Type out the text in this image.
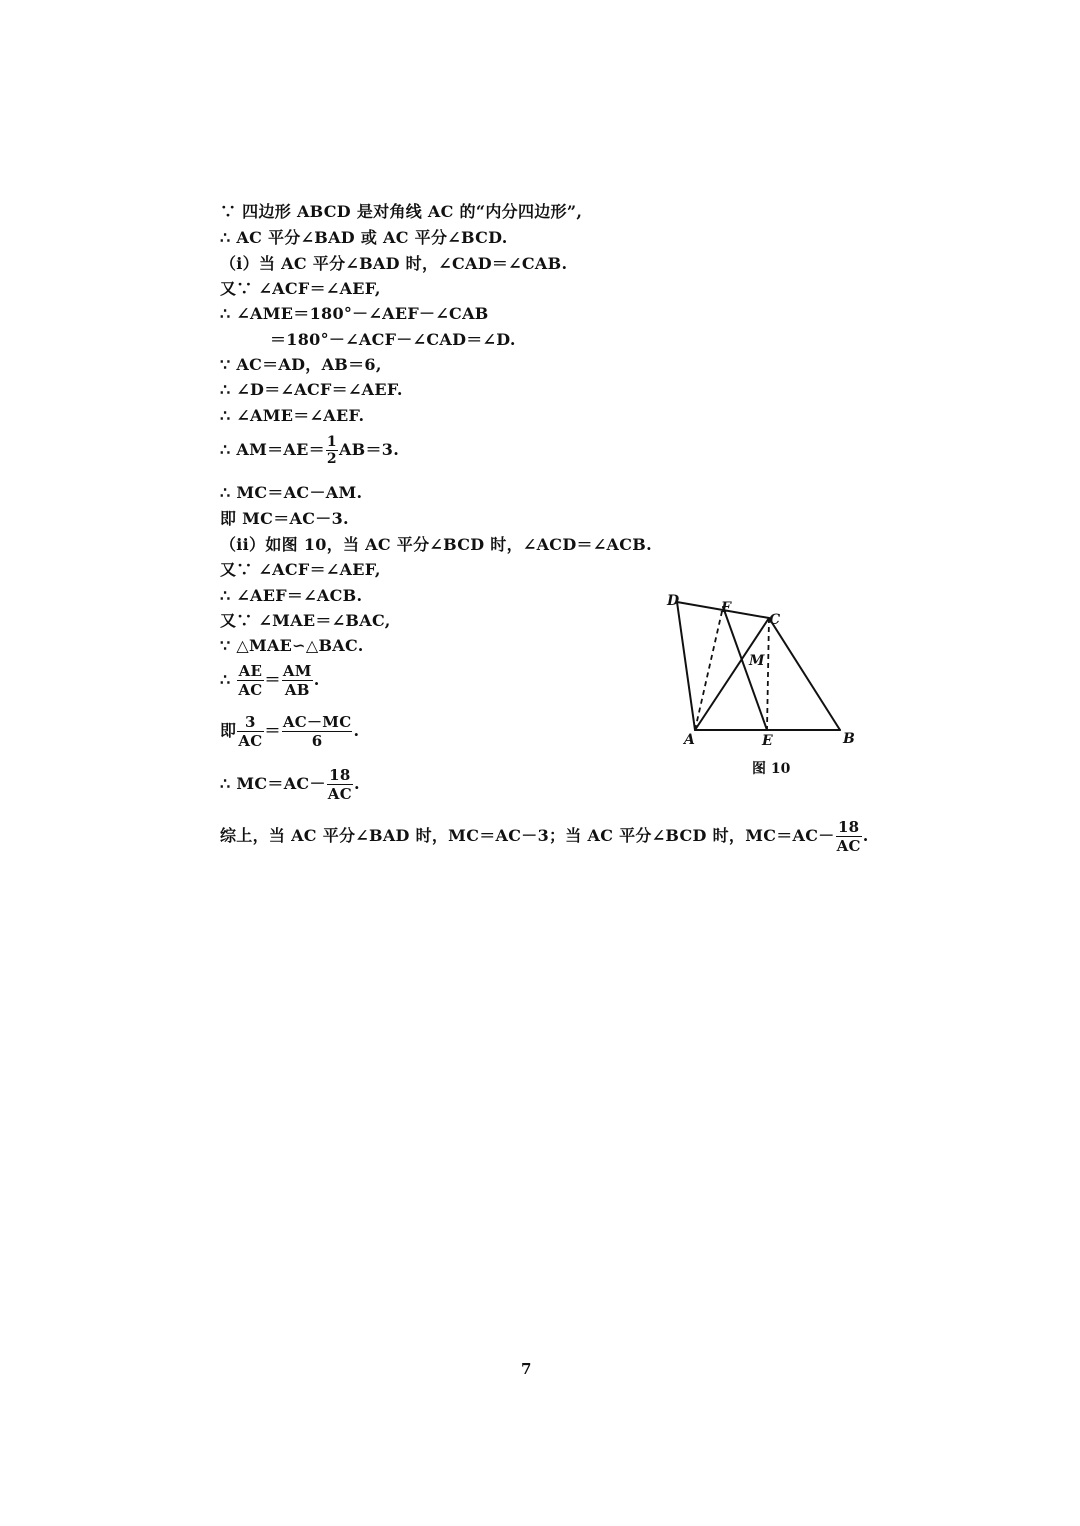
∵ 四边形 ABCD 是对角线 AC 的“内分四边形”,
∴ AC 平分∠BAD 或 AC 平分∠BCD.
（i）当 AC 平分∠BAD 时，∠CAD＝∠CAB.
又∵ ∠ACF＝∠AEF,
∴ ∠AME＝180°－∠AEF－∠CAB
＝180°－∠ACF－∠CAD＝∠D.
∵ AC＝AD，AB＝6,
∴ ∠D＝∠ACF＝∠AEF.
∴ ∠AME＝∠AEF.
∴ $AM=AE= \frac{1}{2} AB=3$.
∴ MC＝AC－AM.
即 MC＝AC－3.
（ii）如图 10，当 AC 平分∠BCD 时，∠ACD＝∠ACB.
又∵ ∠ACF＝∠AEF,
∴ ∠AEF＝∠ACB.
又∵ ∠MAE＝∠BAC,
∵ △MAE∽△BAC.
∴ $\frac{AE}{AC} = \frac{AM}{AB}$ .
即 $\frac{3}{AC} = \frac{AC-MC}{6}$ .
∴ $MC=AC- \frac{18}{AC}$ .
综上，当 AC 平分∠BAD 时，MC＝AC－3；当 AC 平分∠BCD 时，$MC=AC- \frac{18}{AC}$ .
D	F
C
M
A	E	B
图 10
7
